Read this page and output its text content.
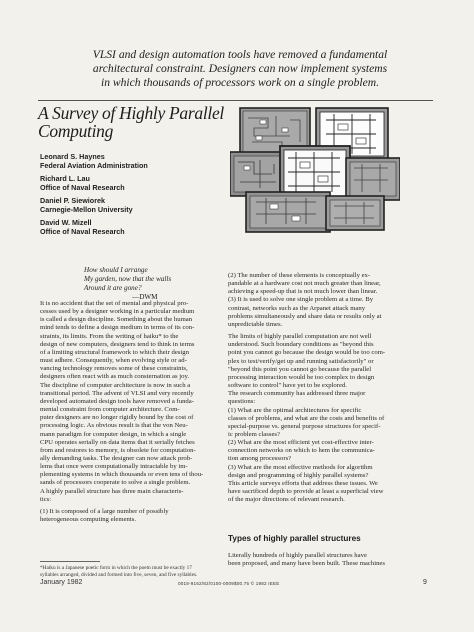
VLSI and design automation tools have removed a fundamental
architectural constraint. Designers can now implement systems
in which thousands of processors work on a single problem.
A Survey of Highly Parallel
Computing
Leonard S. Haynes
Federal Aviation Administration
Richard L. Lau
Office of Naval Research
Daniel P. Siewiorek
Carnegie-Mellon University
David W. Mizell
Office of Naval Research
How should I arrange
My garden, now that the walls
Around it are gone?
—DWM
It is no accident that the set of mental and physical pro-
cesses used by a designer working in a particular medium
is called a design discipline. Something about the human
mind tends to define a design medium in terms of its con-
straints, its limits. From the writing of haiku* to the
design of new computers, designers tend to think in terms
of a limiting structural framework to which their design
must adhere. Consequently, when evolving style or ad-
vancing technology removes some of these constraints,
designers often react with as much consternation as joy.
The discipline of computer architecture is now in such a
transitional period. The advent of VLSI and very recently
developed automated design tools have removed a funda-
mental constraint from computer architecture. Com-
puter designers are no longer rigidly bound by the cost of
processing logic. As obvious result is that the von Neu-
mann paradigm for computer design, in which a single
CPU operates serially on data items that it serially fetches
from and restores to memory, is obsolete for computation-
ally demanding tasks. The designer can now attack prob-
lems that once were computationally intractable by im-
plementing systems in which thousands or even tens of thou-
sands of processors cooperate to solve a single problem.
A highly parallel structure has three main characteris-
tics:
(1) It is composed of a large number of possibly
heterogeneous computing elements.
*Haiku is a Japanese poetic form in which the poem must be exactly 17
syllables arranged, divided and formed into five, seven, and five syllables.
(2) The number of these elements is conceptually ex-
pandable at a hardware cost not much greater than linear,
achieving a speed-up that is not much lower than linear.
(3) It is used to solve one single problem at a time. By
contrast, networks such as the Arpanet attack many
problems simultaneously and share data or results only at
unpredictable times.
The limits of highly parallel computation are not well
understood. Such boundary conditions as "beyond this
point you cannot go because the design would be too com-
plex to test/verify/get up and running satisfactorily" or
"beyond this point you cannot go because the parallel
processing interaction would be too complex to design
software to control" have yet to be explored.
The research community has addressed three major
questions:
(1) What are the optimal architectures for specific
classes of problems, and what are the costs and benefits of
special-purpose vs. general purpose structures for specif-
ic problem classes?
(2) What are the most efficient yet cost-effective inter-
connection networks on which to hem the communica-
tion among processors?
(3) What are the most effective methods for algorithm
design and programming of highly parallel systems?
This article surveys efforts that address these issues. We
have sacrificed depth to provide at least a superficial view
of the major directions of relevant research.
Types of highly parallel structures
Literally hundreds of highly parallel structures have
been proposed, and many have been built. These machines
January 1982	0018-9162/82/0100-0009$00.75 © 1982 IEEE	9
